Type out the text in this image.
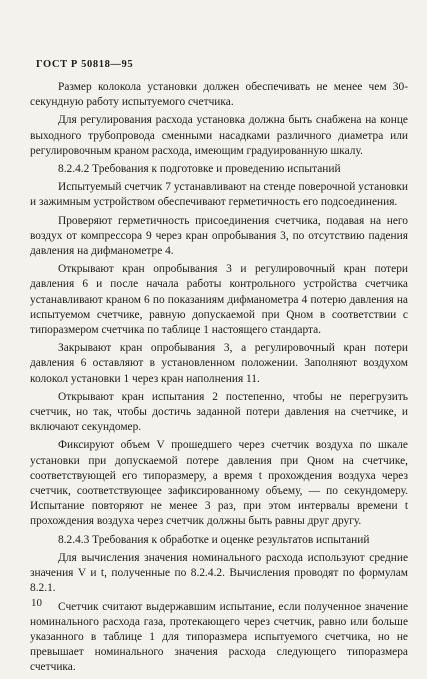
ГОСТ Р 50818—95

Размер колокола установки должен обеспечивать не менее чем 30-секундную работу испытуемого счетчика.

Для регулирования расхода установка должна быть снабжена на конце выходного трубопровода сменными насадками различного диаметра или регулировочным краном расхода, имеющим градуированную шкалу.

8.2.4.2 Требования к подготовке и проведению испытаний

Испытуемый счетчик 7 устанавливают на стенде поверочной установки и зажимным устройством обеспечивают герметичность его подсоединения.

Проверяют герметичность присоединения счетчика, подавая на него воздух от компрессора 9 через кран опробывания 3, по отсутствию падения давления на дифманометре 4.

Открывают кран опробывания 3 и регулировочный кран потери давления 6 и после начала работы контрольного устройства счетчика устанавливают краном 6 по показаниям дифманометра 4 потерю давления на испытуемом счетчике, равную допускаемой при Qном в соответствии с типоразмером счетчика по таблице 1 настоящего стандарта.

Закрывают кран опробывания 3, а регулировочный кран потери давления 6 оставляют в установленном положении. Заполняют воздухом колокол установки 1 через кран наполнения 11.

Открывают кран испытания 2 постепенно, чтобы не перегрузить счетчик, но так, чтобы достичь заданной потери давления на счетчике, и включают секундомер.

Фиксируют объем V прошедшего через счетчик воздуха по шкале установки при допускаемой потере давления при Qном на счетчике, соответствующей его типоразмеру, а время t прохождения воздуха через счетчик, соответствующее зафиксированному объему, — по секундомеру. Испытание повторяют не менее 3 раз, при этом интервалы времени t прохождения воздуха через счетчик должны быть равны друг другу.

8.2.4.3 Требования к обработке и оценке результатов испытаний

Для вычисления значения номинального расхода используют средние значения V и t, полученные по 8.2.4.2. Вычисления проводят по формулам 8.2.1.

Счетчик считают выдержавшим испытание, если полученное значение номинального расхода газа, протекающего через счетчик, равно или больше указанного в таблице 1 для типоразмера испытуемого счетчика, но не превышает номинального значения расхода следующего типоразмера счетчика.

10
